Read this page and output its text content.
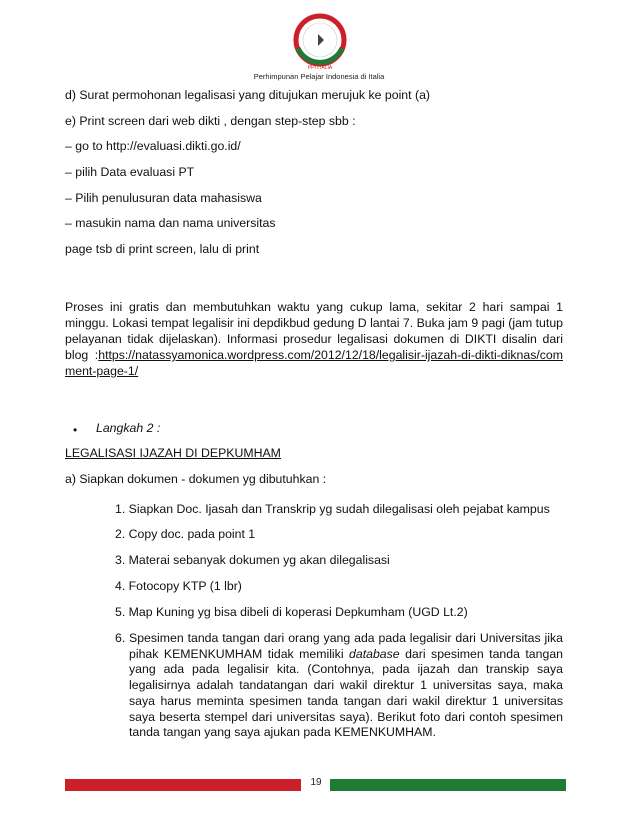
PPI ITALIA
Perhimpunan Pelajar Indonesia di Italia
d) Surat permohonan legalisasi yang ditujukan merujuk ke point (a)
e) Print screen dari web dikti , dengan step-step sbb :
– go to http://evaluasi.dikti.go.id/
– pilih Data evaluasi PT
– Pilih penulusuran data mahasiswa
– masukin nama dan nama universitas
page tsb di print screen, lalu di print
Proses ini gratis dan membutuhkan waktu yang cukup lama, sekitar 2 hari sampai 1 minggu. Lokasi tempat legalisir ini depdikbud gedung D lantai 7. Buka jam 9 pagi (jam tutup pelayanan tidak dijelaskan). Informasi prosedur legalisasi dokumen di DIKTI disalin dari blog :https://natassyamonica.wordpress.com/2012/12/18/legalisir-ijazah-di-dikti-diknas/comment-page-1/
• Langkah 2 :
LEGALISASI IJAZAH DI DEPKUMHAM
a) Siapkan dokumen - dokumen yg dibutuhkan :
1. Siapkan Doc. Ijasah dan Transkrip yg sudah dilegalisasi oleh pejabat kampus
2. Copy doc. pada point 1
3. Materai sebanyak dokumen yg akan dilegalisasi
4. Fotocopy KTP (1 lbr)
5. Map Kuning yg bisa dibeli di koperasi Depkumham (UGD Lt.2)
6. Spesimen tanda tangan dari orang yang ada pada legalisir dari Universitas jika pihak KEMENKUMHAM tidak memiliki database dari spesimen tanda tangan yang ada pada legalisir kita. (Contohnya, pada ijazah dan transkip saya legalisirnya adalah tandatangan dari wakil direktur 1 universitas saya, maka saya harus meminta spesimen tanda tangan dari wakil direktur 1 universitas saya beserta stempel dari universitas saya). Berikut foto dari contoh spesimen tanda tangan yang saya ajukan pada KEMENKUMHAM.
19
